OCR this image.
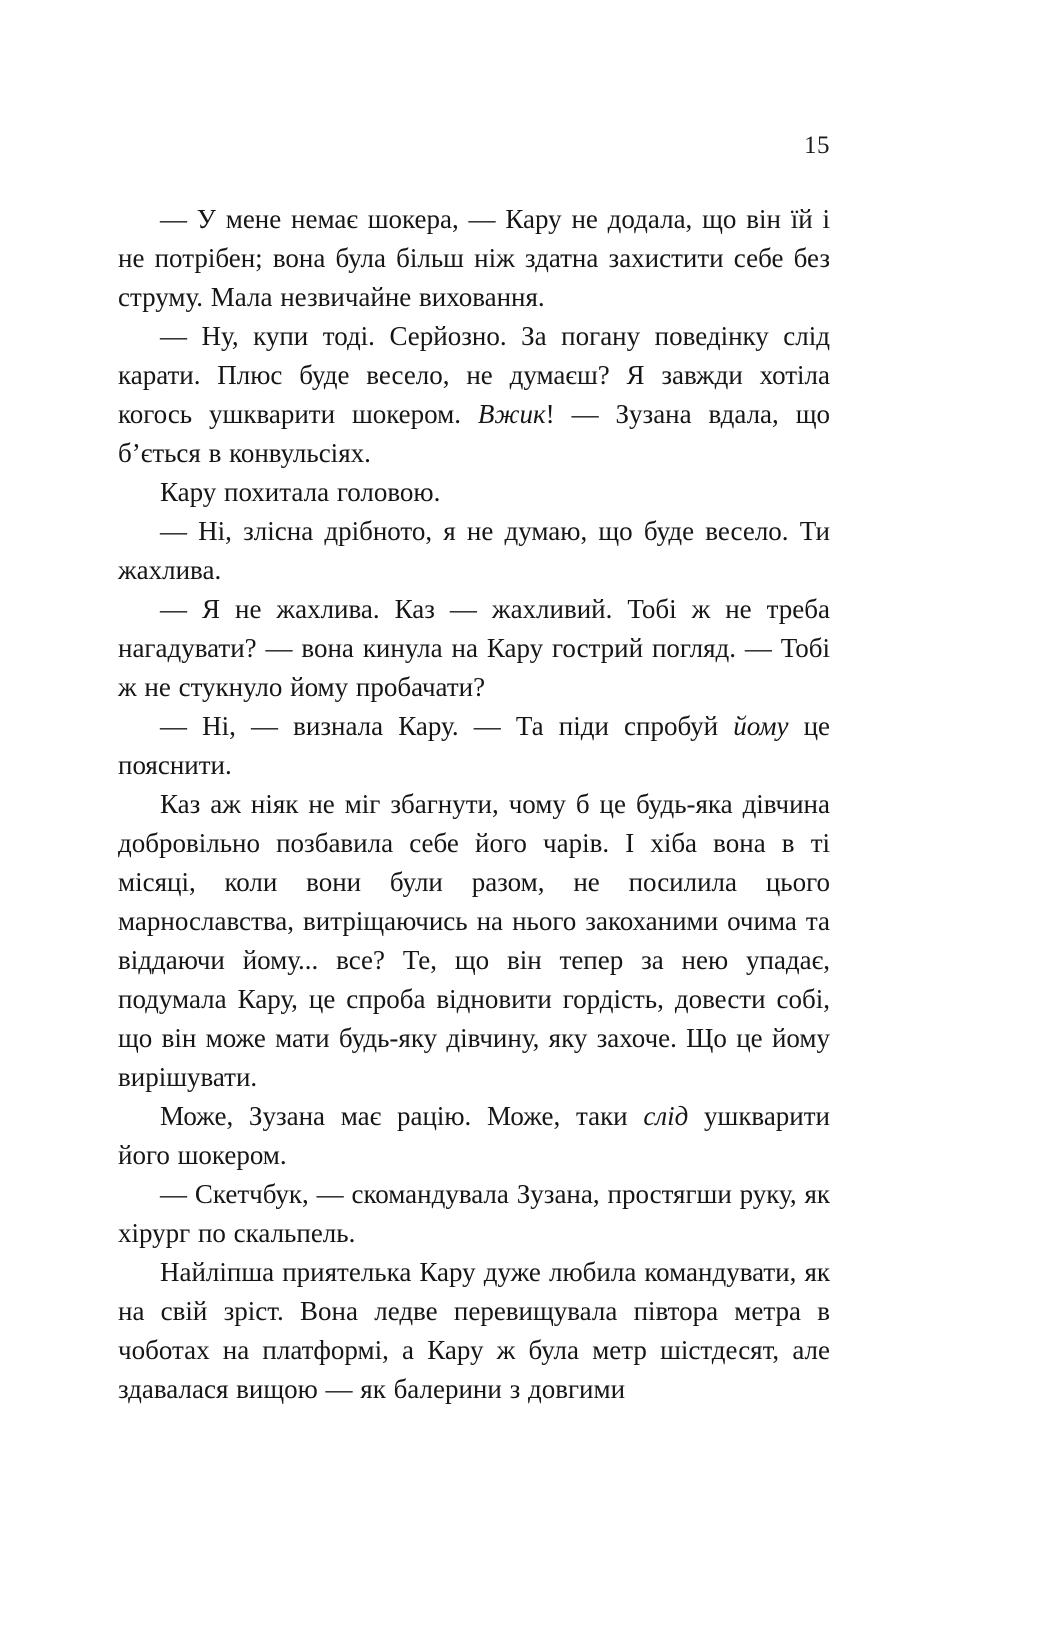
15

— У мене немає шокера, — Кару не додала, що він їй і не потрібен; вона була більш ніж здатна захистити себе без струму. Мала незвичайне виховання.

— Ну, купи тоді. Серйозно. За погану поведінку слід карати. Плюс буде весело, не думаєш? Я завжди хотіла когось ушкварити шокером. Вжик! — Зузана вдала, що б’ється в конвульсіях.

Кару похитала головою.

— Ні, злісна дрібното, я не думаю, що буде весело. Ти жахлива.

— Я не жахлива. Каз — жахливий. Тобі ж не треба нагадувати? — вона кинула на Кару гострий погляд. — Тобі ж не стукнуло йому пробачати?

— Ні, — визнала Кару. — Та піди спробуй йому це пояснити.

Каз аж ніяк не міг збагнути, чому б це будь-яка дівчина добровільно позбавила себе його чарів. І хіба вона в ті місяці, коли вони були разом, не посилила цього марнославства, витріщаючись на нього закоханими очима та віддаючи йому... все? Те, що він тепер за нею упадає, подумала Кару, це спроба відновити гордість, довести собі, що він може мати будь-яку дівчину, яку захоче. Що це йому вирішувати.

Може, Зузана має рацію. Може, таки слід ушкварити його шокером.

— Скетчбук, — скомандувала Зузана, простягши руку, як хірург по скальпель.

Найліпша приятелька Кару дуже любила командувати, як на свій зріст. Вона ледве перевищувала півтора метра в чоботах на платформі, а Кару ж була метр шістдесят, але здавалася вищою — як балерини з довгими
